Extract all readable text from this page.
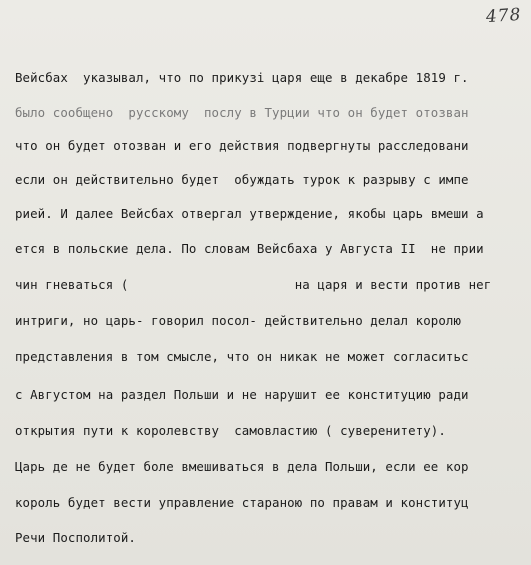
478
Вейсбах  указывал, что по прикузі царя еще в декабре 1819 г.
было сообщено  русскому  послу в Турции что он будет отозван
что он будет отозван и его действия подвергнуты расследовани
если он действительно будет  обуждать турок к разрыву с импе
рией. И далее Вейсбах отвергал утверждение, якобы царь вмеши а
ется в польские дела. По словам Вейсбаха у Августа II  не прии
чин гневаться (                      на царя и вести против нег
интриги, но царь- говорил посол- действительно делал королю
представления в том смысле, что он никак не может согласитьс
с Августом на раздел Польши и не нарушит ее конституцию ради
открытия пути к королевству  самовластию ( суверенитету).
Царь де не будет боле вмешиваться в дела Польши, если ее кор
король будет вести управление стараною по правам и конституц
Речи Посполитой.
